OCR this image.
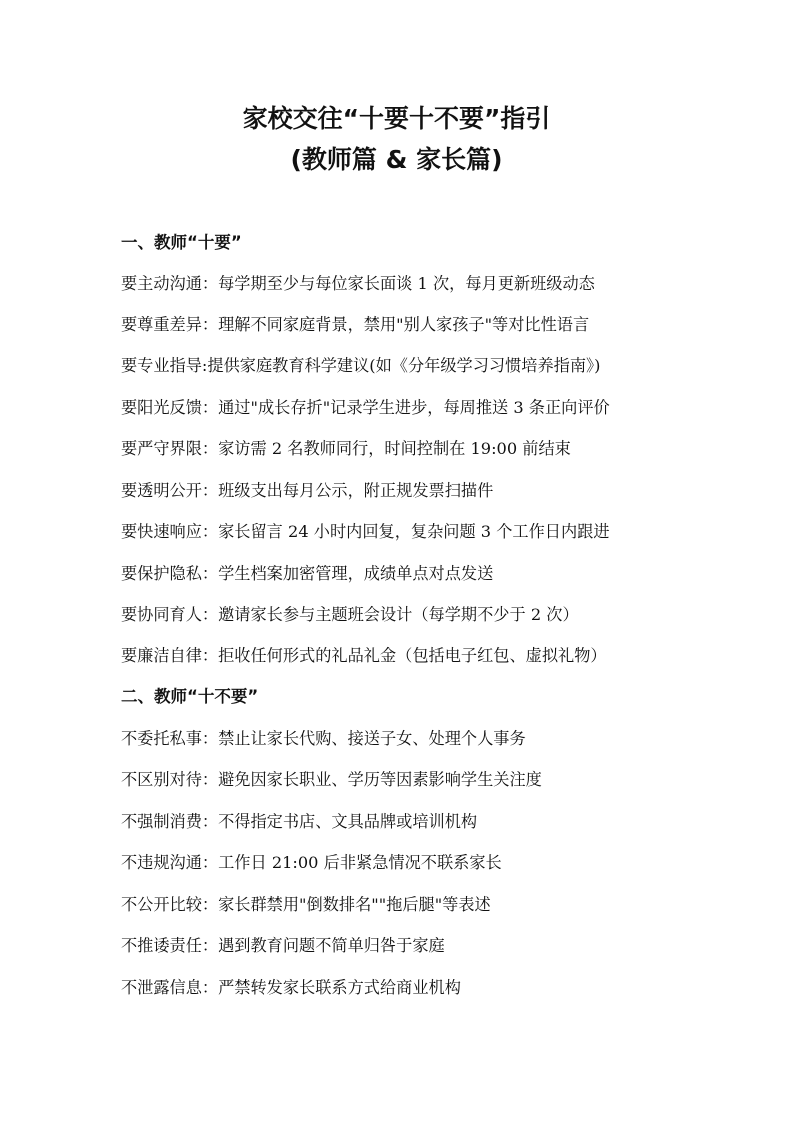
家校交往“十要十不要”指引
(教师篇 & 家长篇)
一、教师“十要”
要主动沟通：每学期至少与每位家长面谈 1 次，每月更新班级动态
要尊重差异：理解不同家庭背景，禁用"别人家孩子"等对比性语言
要专业指导:提供家庭教育科学建议(如《分年级学习习惯培养指南》)
要阳光反馈：通过"成长存折"记录学生进步，每周推送 3 条正向评价
要严守界限：家访需 2 名教师同行，时间控制在 19:00 前结束
要透明公开：班级支出每月公示，附正规发票扫描件
要快速响应：家长留言 24 小时内回复，复杂问题 3 个工作日内跟进
要保护隐私：学生档案加密管理，成绩单点对点发送
要协同育人：邀请家长参与主题班会设计（每学期不少于 2 次）
要廉洁自律：拒收任何形式的礼品礼金（包括电子红包、虚拟礼物）
二、教师“十不要”
不委托私事：禁止让家长代购、接送子女、处理个人事务
不区别对待：避免因家长职业、学历等因素影响学生关注度
不强制消费：不得指定书店、文具品牌或培训机构
不违规沟通：工作日 21:00 后非紧急情况不联系家长
不公开比较：家长群禁用"倒数排名""拖后腿"等表述
不推诿责任：遇到教育问题不简单归咎于家庭
不泄露信息：严禁转发家长联系方式给商业机构
